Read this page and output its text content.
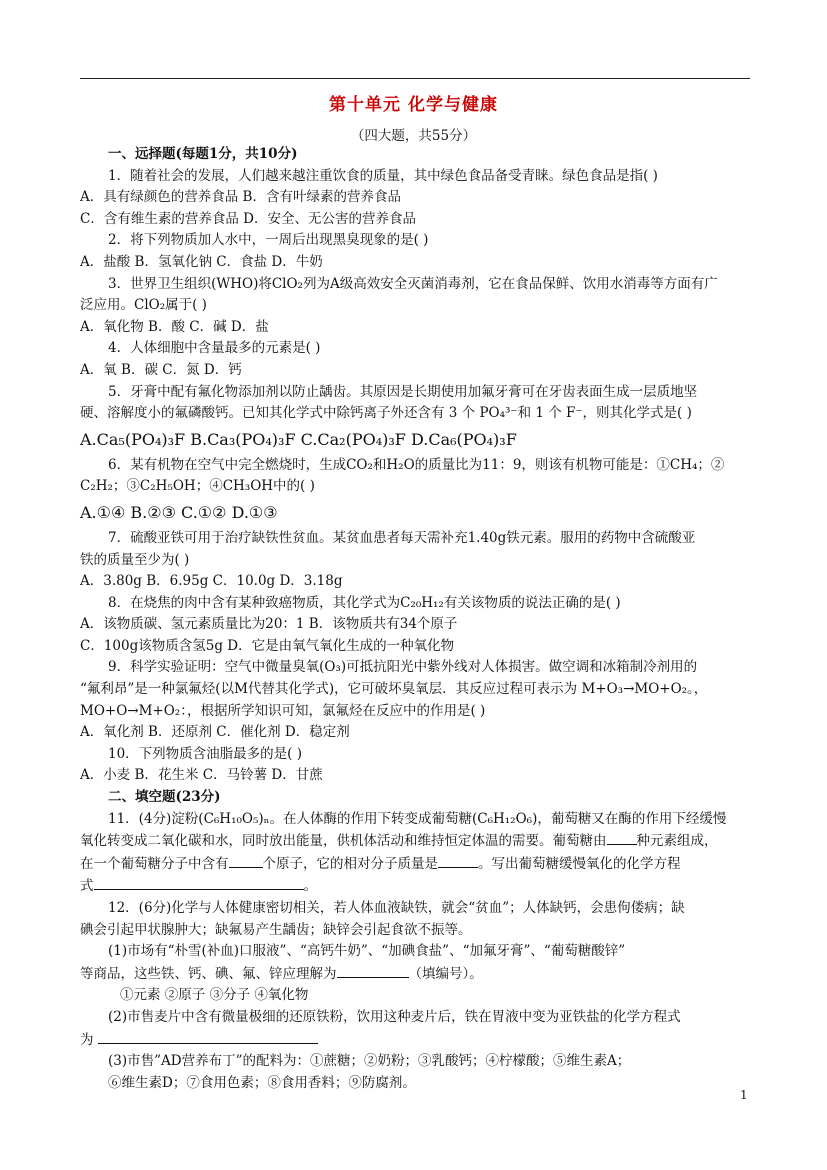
第十单元 化学与健康
（四大题，共55分）
一、远择题(每题1分，共10分)
1．随着社会的发展，人们越来越注重饮食的质量，其中绿色食品备受青睐。绿色食品是指( )
A．具有绿颜色的营养食品 B．含有叶绿素的营养食品
C．含有维生素的营养食品 D．安全、无公害的营养食品
2．将下列物质加人水中，一周后出现黑臭现象的是( )
A．盐酸 B．氢氧化钠 C．食盐 D．牛奶
3．世界卫生组织(WHO)将ClO₂列为A级高效安全灭菌消毒剂，它在食品保鲜、饮用水消毒等方面有广
泛应用。ClO₂属于( )
A．氧化物 B．酸 C．碱 D．盐
4．人体细胞中含量最多的元素是( )
A．氧 B．碳 C．氮 D．钙
5．牙膏中配有氟化物添加剂以防止龋齿。其原因是长期使用加氟牙膏可在牙齿表面生成一层质地坚
硬、溶解度小的氟磷酸钙。已知其化学式中除钙离子外还含有 3 个 PO₄³⁻和 1 个 F⁻，则其化学式是( )
A.Ca₅(PO₄)₃F B.Ca₃(PO₄)₃F C.Ca₂(PO₄)₃F D.Ca₆(PO₄)₃F
6．某有机物在空气中完全燃烧时，生成CO₂和H₂O的质量比为11：9，则该有机物可能是：①CH₄；②
C₂H₂；③C₂H₅OH；④CH₃OH中的( )
A.①④ B.②③ C.①② D.①③
7．硫酸亚铁可用于治疗缺铁性贫血。某贫血患者每天需补充1.40g铁元素。服用的药物中含硫酸亚
铁的质量至少为( )
A．3.80g B．6.95g C．10.0g D．3.18g
8．在烧焦的肉中含有某种致癌物质，其化学式为C₂₀H₁₂有关该物质的说法正确的是( )
A．该物质碳、氢元素质量比为20：1 B．该物质共有34个原子
C．100g该物质含氢5g D．它是由氧气氧化生成的一种氧化物
9．科学实验证明：空气中微量臭氧(O₃)可抵抗阳光中紫外线对人体损害。做空调和冰箱制冷剂用的
“氟利昂”是一种氯氟烃(以M代替其化学式)，它可破坏臭氧层．其反应过程可表示为 M+O₃→MO+O₂。，
MO+O→M+O₂：，根据所学知识可知，氯氟烃在反应中的作用是( )
A．氧化剂 B．还原剂 C．催化剂 D．稳定剂
10．下列物质含油脂最多的是( )
A．小麦 B．花生米 C．马铃薯 D．甘蔗
二、填空题(23分)
11．(4分)淀粉(C₆H₁₀O₅)ₙ。在人体酶的作用下转变成葡萄糖(C₆H₁₂O₆)，葡萄糖又在酶的作用下经缓慢
氧化转变成二氧化碳和水，同时放出能量，供机体活动和维持恒定体温的需要。葡萄糖由 种元素组成，
在一个葡萄糖分子中含有	个原子，它的相对分子质量是	。写出葡萄糖缓慢氧化的化学方程
式	。
12．(6分)化学与人体健康密切相关，若人体血液缺铁，就会“贫血”；人体缺钙，会患佝偻病；缺
碘会引起甲状腺肿大；缺氟易产生龋齿；缺锌会引起食欲不振等。
(1)市场有“朴雪(补血)口服液”、“高钙牛奶”、“加碘食盐”、“加氟牙膏”、“葡萄糖酸锌”
等商品，这些铁、钙、碘、氟、锌应理解为	（填编号）。
①元素 ②原子 ③分子 ④氧化物
(2)市售麦片中含有微量极细的还原铁粉，饮用这种麦片后，铁在胃液中变为亚铁盐的化学方程式
为
(3)市售”AD营养布丁”的配料为：①蔗糖；②奶粉；③乳酸钙；④柠檬酸；⑤维生素A；
⑥维生素D；⑦食用色素；⑧食用香料；⑨防腐剂。
1
